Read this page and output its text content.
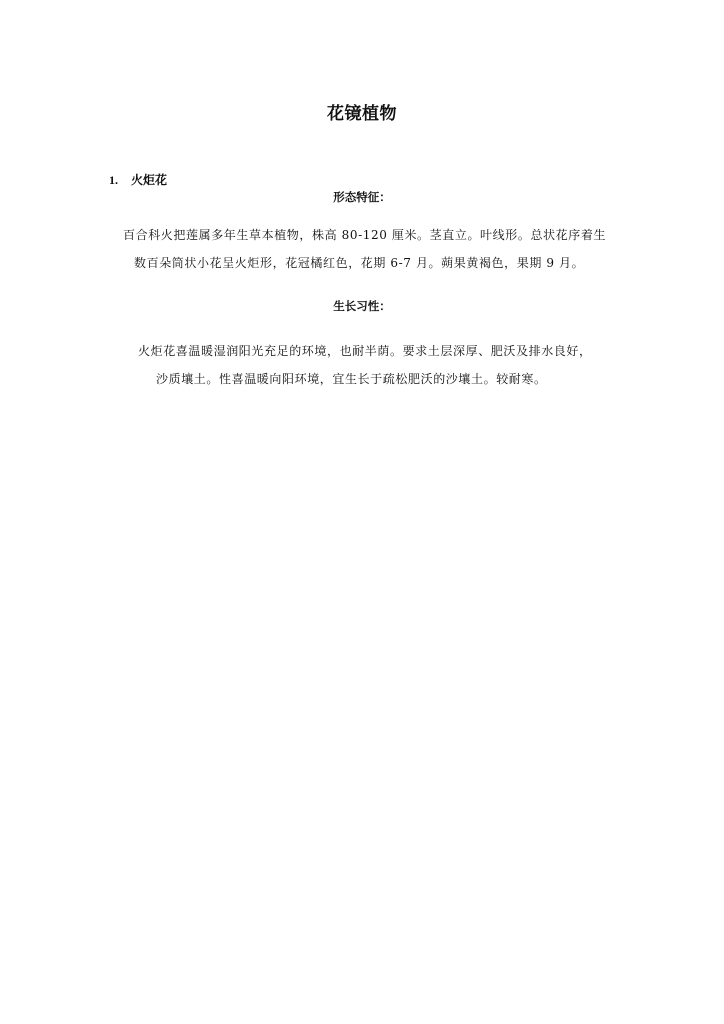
花镜植物
1. 火炬花
形态特征：
百合科火把莲属多年生草本植物，株高 80-120 厘米。茎直立。叶线形。总状花序着生
数百朵筒状小花呈火炬形，花冠橘红色，花期 6-7 月。蒴果黄褐色，果期 9 月。
生长习性：
火炬花喜温暖湿润阳光充足的环境，也耐半荫。要求土层深厚、肥沃及排水良好，
沙质壤土。性喜温暖向阳环境，宜生长于疏松肥沃的沙壤土。较耐寒。
